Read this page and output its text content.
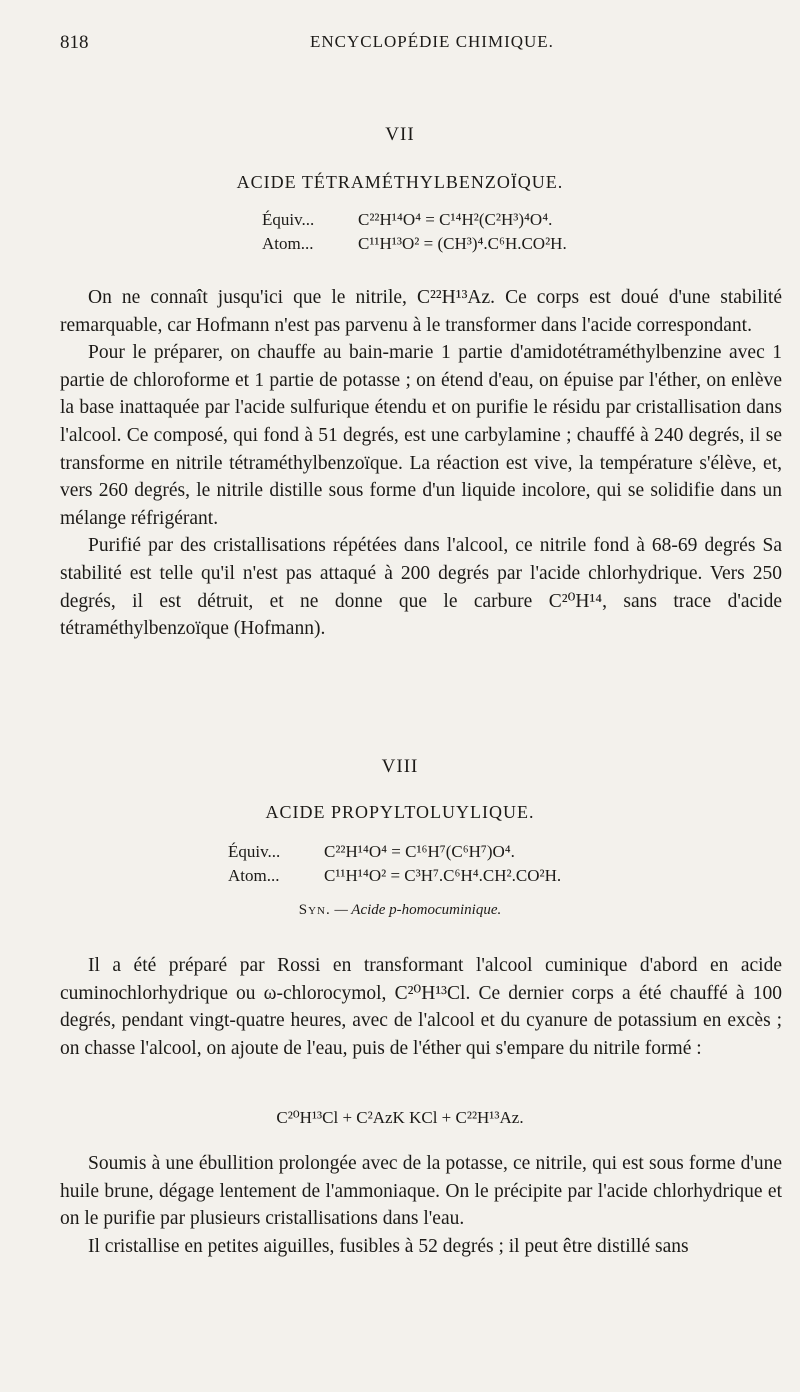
818	ENCYCLOPÉDIE CHIMIQUE.
VII
ACIDE TÉTRAMÉTHYLBENZOÏQUE.
Équiv...	C²²H¹⁴O⁴ = C¹⁴H²(C²H³)⁴O⁴.
Atom...	C¹¹H¹³O² = (CH³)⁴.C⁶H.CO²H.

On ne connaît jusqu'ici que le nitrile, C²²H¹³Az. Ce corps est doué d'une stabilité remarquable, car Hofmann n'est pas parvenu à le transformer dans l'acide correspondant.

Pour le préparer, on chauffe au bain-marie 1 partie d'amidotétraméthylbenzine avec 1 partie de chloroforme et 1 partie de potasse ; on étend d'eau, on épuise par l'éther, on enlève la base inattaquée par l'acide sulfurique étendu et on purifie le résidu par cristallisation dans l'alcool. Ce composé, qui fond à 51 degrés, est une carbylamine ; chauffé à 240 degrés, il se transforme en nitrile tétraméthylbenzoïque. La réaction est vive, la température s'élève, et, vers 260 degrés, le nitrile distille sous forme d'un liquide incolore, qui se solidifie dans un mélange réfrigérant.

Purifié par des cristallisations répétées dans l'alcool, ce nitrile fond à 68-69 degrés Sa stabilité est telle qu'il n'est pas attaqué à 200 degrés par l'acide chlorhydrique. Vers 250 degrés, il est détruit, et ne donne que le carbure C²⁰H¹⁴, sans trace d'acide tétraméthylbenzoïque (Hofmann).

VIII
ACIDE PROPYLTOLUYLIQUE.
Équiv...	C²²H¹⁴O⁴ = C¹⁶H⁷(C⁶H⁷)O⁴.
Atom...	C¹¹H¹⁴O² = C³H⁷.C⁶H⁴.CH².CO²H.
Syn. — Acide p-homocuminique.

Il a été préparé par Rossi en transformant l'alcool cuminique d'abord en acide cuminochlorhydrique ou ω-chlorocymol, C²⁰H¹³Cl. Ce dernier corps a été chauffé à 100 degrés, pendant vingt-quatre heures, avec de l'alcool et du cyanure de potassium en excès ; on chasse l'alcool, on ajoute de l'eau, puis de l'éther qui s'empare du nitrile formé :

C²⁰H¹³Cl + C²AzK KCl + C²²H¹³Az.

Soumis à une ébullition prolongée avec de la potasse, ce nitrile, qui est sous forme d'une huile brune, dégage lentement de l'ammoniaque. On le précipite par l'acide chlorhydrique et on le purifie par plusieurs cristallisations dans l'eau.

Il cristallise en petites aiguilles, fusibles à 52 degrés ; il peut être distillé sans
